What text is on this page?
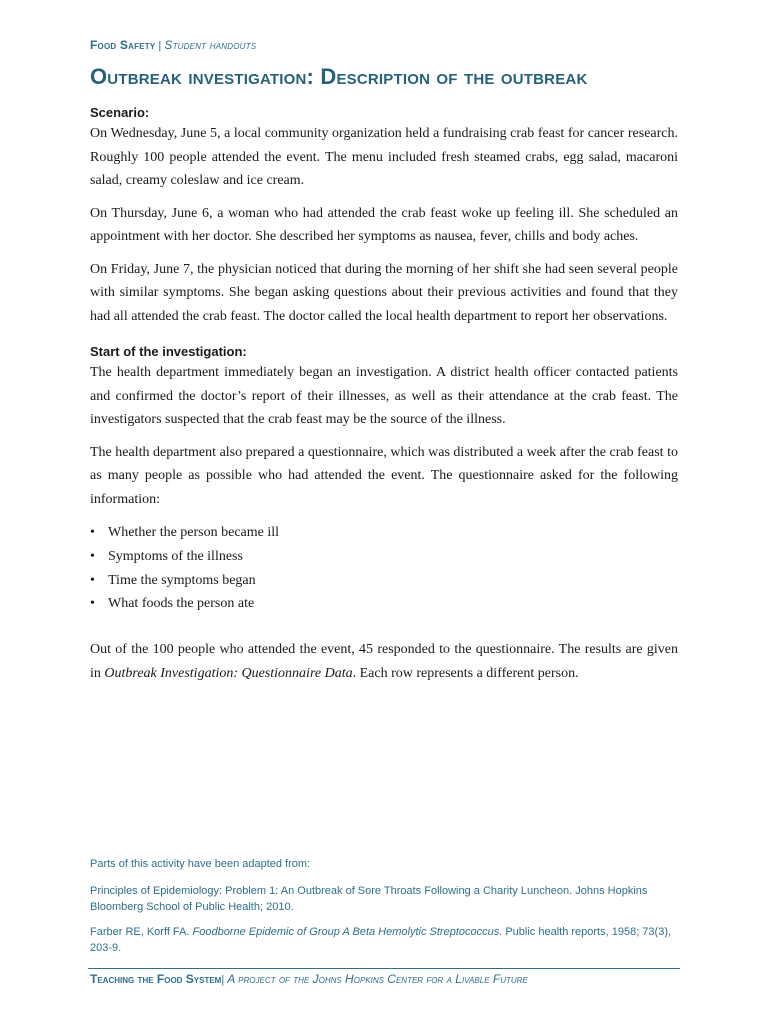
Food Safety | Student handouts
Outbreak investigation: Description of the outbreak

Scenario:

On Wednesday, June 5, a local community organization held a fundraising crab feast for cancer research. Roughly 100 people attended the event. The menu included fresh steamed crabs, egg salad, macaroni salad, creamy coleslaw and ice cream.

On Thursday, June 6, a woman who had attended the crab feast woke up feeling ill. She scheduled an appointment with her doctor. She described her symptoms as nausea, fever, chills and body aches.

On Friday, June 7, the physician noticed that during the morning of her shift she had seen several people with similar symptoms. She began asking questions about their previous activities and found that they had all attended the crab feast. The doctor called the local health department to report her observations.

Start of the investigation:

The health department immediately began an investigation. A district health officer contacted patients and confirmed the doctor’s report of their illnesses, as well as their attendance at the crab feast. The investigators suspected that the crab feast may be the source of the illness.

The health department also prepared a questionnaire, which was distributed a week after the crab feast to as many people as possible who had attended the event. The questionnaire asked for the following information:

• Whether the person became ill
• Symptoms of the illness
• Time the symptoms began
• What foods the person ate

Out of the 100 people who attended the event, 45 responded to the questionnaire. The results are given in Outbreak Investigation: Questionnaire Data. Each row represents a different person.

Parts of this activity have been adapted from:

Principles of Epidemiology: Problem 1: An Outbreak of Sore Throats Following a Charity Luncheon. Johns Hopkins Bloomberg School of Public Health; 2010.

Farber RE, Korff FA. Foodborne Epidemic of Group A Beta Hemolytic Streptococcus. Public health reports, 1958; 73(3), 203-9.

Teaching the Food System| A project of the Johns Hopkins Center for a Livable Future
